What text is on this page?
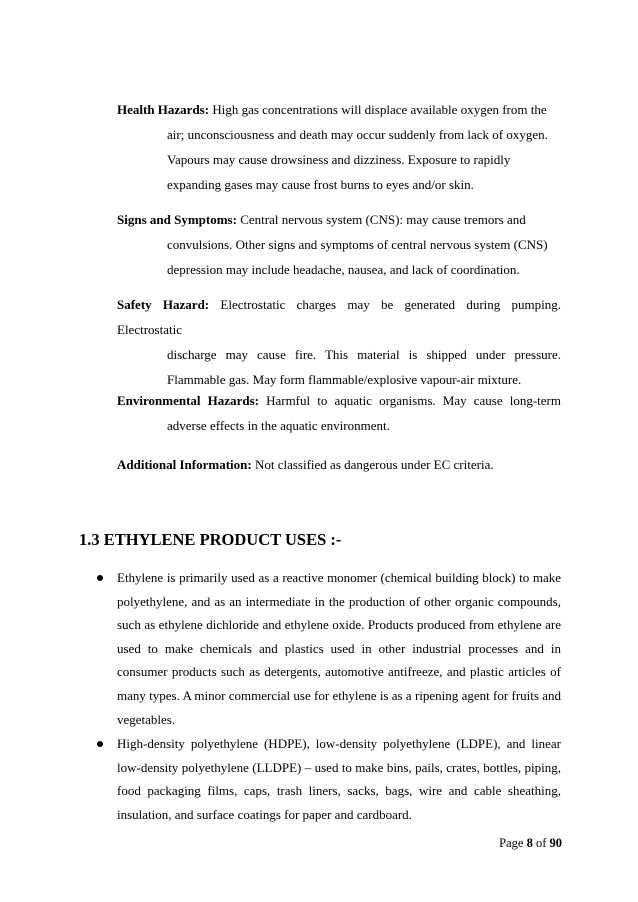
Health Hazards: High gas concentrations will displace available oxygen from the
air; unconsciousness and death may occur suddenly from lack of oxygen.
Vapours may cause drowsiness and dizziness. Exposure to rapidly
expanding gases may cause frost burns to eyes and/or skin.
Signs and Symptoms: Central nervous system (CNS): may cause tremors and
convulsions. Other signs and symptoms of central nervous system (CNS)
depression may include headache, nausea, and lack of coordination.
Safety Hazard: Electrostatic charges may be generated during pumping. Electrostatic
discharge may cause fire. This material is shipped under pressure.
Flammable gas. May form flammable/explosive vapour-air mixture.
Environmental Hazards: Harmful to aquatic organisms. May cause long-term
adverse effects in the aquatic environment.
Additional Information: Not classified as dangerous under EC criteria.
1.3 ETHYLENE PRODUCT USES :-
Ethylene is primarily used as a reactive monomer (chemical building block) to make polyethylene, and as an intermediate in the production of other organic compounds, such as ethylene dichloride and ethylene oxide. Products produced from ethylene are used to make chemicals and plastics used in other industrial processes and in consumer products such as detergents, automotive antifreeze, and plastic articles of many types. A minor commercial use for ethylene is as a ripening agent for fruits and vegetables.
High-density polyethylene (HDPE), low-density polyethylene (LDPE), and linear low-density polyethylene (LLDPE) – used to make bins, pails, crates, bottles, piping, food packaging films, caps, trash liners, sacks, bags, wire and cable sheathing, insulation, and surface coatings for paper and cardboard.
Page 8 of 90
